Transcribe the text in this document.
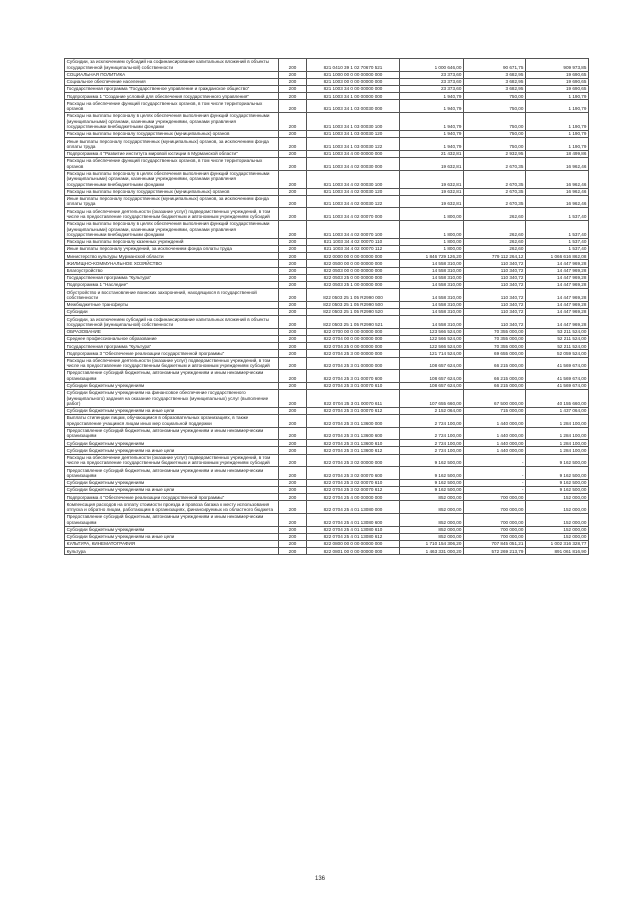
Субсидии, за исключением субсидий на софинансирование капитальных вложений в объекты государственной (муниципальной) собственности	200	821 0410 39 1 02 70670 521	1 000 646,00	90 671,75	909 973,85
СОЦИАЛЬНАЯ ПОЛИТИКА	200	821 1000 00 0 00 00000 000	23 373,60	3 682,95	19 690,65
Социальное обеспечение населения	200	821 1003 00 0 00 00000 000	23 373,60	3 682,95	19 690,65
Государственная программа "Государственное управление и гражданское общество"	200	821 1003 34 0 00 00000 000	23 373,60	3 682,95	19 690,65
Подпрограмма 1 "Создание условий для обеспечения государственного управления"	200	821 1003 34 1 00 00000 000	1 940,79	750,00	1 190,79
Расходы на обеспечение функций государственных органов, в том числе территориальных органов	200	821 1003 34 1 03 00030 000	1 940,79	750,00	1 190,79
Расходы на выплаты персоналу в целях обеспечения выполнения функций государственными (муниципальными) органами, казенными учреждениями, органами управления государственными внебюджетными фондами	200	821 1003 34 1 03 00030 100	1 940,79	750,00	1 190,79
Расходы на выплаты персоналу государственных (муниципальных) органов	200	821 1003 34 1 03 00030 120	1 940,79	750,00	1 190,79
Иные выплаты персоналу государственных (муниципальных) органов, за исключением фонда оплаты труда	200	821 1003 34 1 03 00030 122	1 940,79	750,00	1 190,79
Подпрограмма 4 "Развитие института мировой юстиции в Мурманской области"	200	821 1003 34 4 00 00000 000	21 432,81	2 932,95	18 499,86
Расходы на обеспечение функций государственных органов, в том числе территориальных органов	200	821 1003 34 4 02 00030 000	19 632,81	2 670,35	16 962,46
Расходы на выплаты персоналу в целях обеспечения выполнения функций государственными (муниципальными) органами, казенными учреждениями, органами управления государственными внебюджетными фондами	200	821 1003 34 4 02 00030 100	19 632,81	2 670,35	16 962,46
Расходы на выплаты персоналу государственных (муниципальных) органов	200	821 1003 34 4 02 00030 120	19 632,81	2 670,35	16 962,46
Иные выплаты персоналу государственных (муниципальных) органов, за исключением фонда оплаты труда	200	821 1003 34 4 02 00030 122	19 632,81	2 670,35	16 962,46
Расходы на обеспечение деятельности (оказание услуг) подведомственных учреждений, в том числе на предоставление государственным бюджетным и автономным учреждениям субсидий	200	821 1003 34 4 02 00070 000	1 800,00	262,60	1 537,40
Расходы на выплаты персоналу в целях обеспечения выполнения функций государственными (муниципальными) органами, казенными учреждениями, органами управления государственными внебюджетными фондами	200	821 1003 34 4 02 00070 100	1 800,00	262,60	1 537,40
Расходы на выплаты персоналу казенных учреждений	200	821 1003 34 4 02 00070 110	1 800,00	262,60	1 537,40
Иные выплаты персоналу учреждений, за исключением фонда оплаты труда	200	821 1003 34 4 02 00070 112	1 800,00	262,60	1 537,40
Министерство культуры Мурманской области	200	822 0000 00 0 00 00000 000	1 846 729 126,20	779 112 264,12	1 066 616 862,08
ЖИЛИЩНО-КОММУНАЛЬНОЕ ХОЗЯЙСТВО	200	822 0500 00 0 00 00000 000	14 558 310,00	110 340,72	14 447 969,28
Благоустройство	200	822 0503 00 0 00 00000 000	14 558 310,00	110 340,72	14 447 969,28
Государственная программа "Культура"	200	822 0503 25 0 00 00000 000	14 558 310,00	110 340,72	14 447 969,28
Подпрограмма 1 "Наследие"	200	822 0503 25 1 00 00000 000	14 558 310,00	110 340,72	14 447 969,28
Обустройство и восстановление воинских захоронений, находящихся в государственной собственности	200	822 0503 25 1 05 R2990 000	14 558 310,00	110 340,72	14 447 969,28
Межбюджетные трансферты	200	822 0503 25 1 05 R2990 500	14 558 310,00	110 340,72	14 447 969,28
Субсидии	200	822 0503 25 1 05 R2990 520	14 558 310,00	110 340,72	14 447 969,28
Субсидии, за исключением субсидий на софинансирование капитальных вложений в объекты государственной (муниципальной) собственности	200	822 0503 25 1 05 R2990 521	14 558 310,00	110 340,72	14 447 969,28
ОБРАЗОВАНИЕ	200	822 0700 00 0 00 00000 000	123 566 524,00	70 355 000,00	53 211 524,00
Среднее профессиональное образование	200	822 0704 00 0 00 00000 000	122 566 524,00	70 355 000,00	52 211 524,00
Государственная программа "Культура"	200	822 0704 25 0 00 00000 000	122 566 524,00	70 355 000,00	52 211 524,00
Подпрограмма 3 "Обеспечение реализации государственной программы"	200	822 0704 25 3 00 00000 000	121 714 524,00	69 655 000,00	52 059 524,00
Расходы на обеспечение деятельности (оказание услуг) подведомственных учреждений, в том числе на предоставление государственным бюджетным и автономным учреждениям субсидий	200	822 0704 25 3 01 00000 000	108 657 624,00	66 215 000,00	41 569 674,00
Предоставление субсидий бюджетным, автономным учреждениям и иным некоммерческим организациям	200	822 0704 25 3 01 00070 600	108 657 624,00	66 215 000,00	41 569 674,00
Субсидии бюджетным учреждениям	200	822 0704 25 3 01 00070 610	108 657 624,00	66 215 000,00	41 569 674,00
Субсидии бюджетным учреждениям на финансовое обеспечение государственного (муниципального) задания на оказание государственных (муниципальных) услуг (выполнение работ)	200	822 0704 25 3 01 00070 611	107 655 660,00	67 500 000,00	40 155 660,00
Субсидии бюджетным учреждениям на иные цели	200	822 0704 25 3 01 00070 612	2 152 064,00	715 000,00	1 437 064,00
Выплаты стипендии лицам, обучающимся в образовательных организациях, в также предоставление учащимся лицам иных мер социальной поддержки	200	822 0704 25 3 01 13600 000	2 724 100,00	1 440 000,00	1 284 100,00
Предоставление субсидий бюджетным, автономным учреждениям и иным некоммерческим организациям	200	822 0704 25 3 01 13600 600	2 724 100,00	1 440 000,00	1 284 100,00
Субсидии бюджетным учреждениям	200	822 0704 25 3 01 13600 610	2 724 100,00	1 440 000,00	1 284 100,00
Субсидии бюджетным учреждениям на иные цели	200	822 0704 25 3 01 13600 612	2 724 100,00	1 440 000,00	1 284 100,00
Расходы на обеспечение деятельности (оказание услуг) подведомственных учреждений, в том числе на предоставление государственным бюджетным и автономным учреждениям субсидий	200	822 0704 25 3 02 00000 000	9 162 500,00	-	9 162 500,00
Предоставление субсидий бюджетным, автономным учреждениям и иным некоммерческим организациям	200	822 0704 25 3 02 00070 600	9 162 500,00	-	9 162 500,00
Субсидии бюджетным учреждениям	200	822 0704 25 3 02 00070 610	9 162 500,00	-	9 162 500,00
Субсидии бюджетным учреждениям на иные цели	200	822 0704 25 3 02 00070 612	9 162 500,00	-	9 162 500,00
Подпрограмма 4 "Обеспечение реализации государственной программы"	200	822 0704 25 4 00 00000 000	852 000,00	700 000,00	152 000,00
Компенсация расходов на оплату стоимости проезда и провоза багажа к месту использования отпуска и обратно лицам, работающим в организациях, финансируемых из областного бюджета	200	822 0704 25 4 01 13080 000	852 000,00	700 000,00	152 000,00
Предоставление субсидий бюджетным, автономным учреждениям и иным некоммерческим организациям	200	822 0704 25 4 01 13080 600	852 000,00	700 000,00	152 000,00
Субсидии бюджетным учреждениям	200	822 0704 25 4 01 13080 610	852 000,00	700 000,00	152 000,00
Субсидии бюджетным учреждениям на иные цели	200	822 0704 25 4 01 13080 612	852 000,00	700 000,00	152 000,00
КУЛЬТУРА, КИНЕМАТОГРАФИЯ	200	822 0800 00 0 00 00000 000	1 710 154 306,20	707 845 051,21	1 002 316 328,77
Культура	200	822 0801 00 0 00 00000 000	1 463 331 000,20	572 269 213,79	891 061 816,90
136
